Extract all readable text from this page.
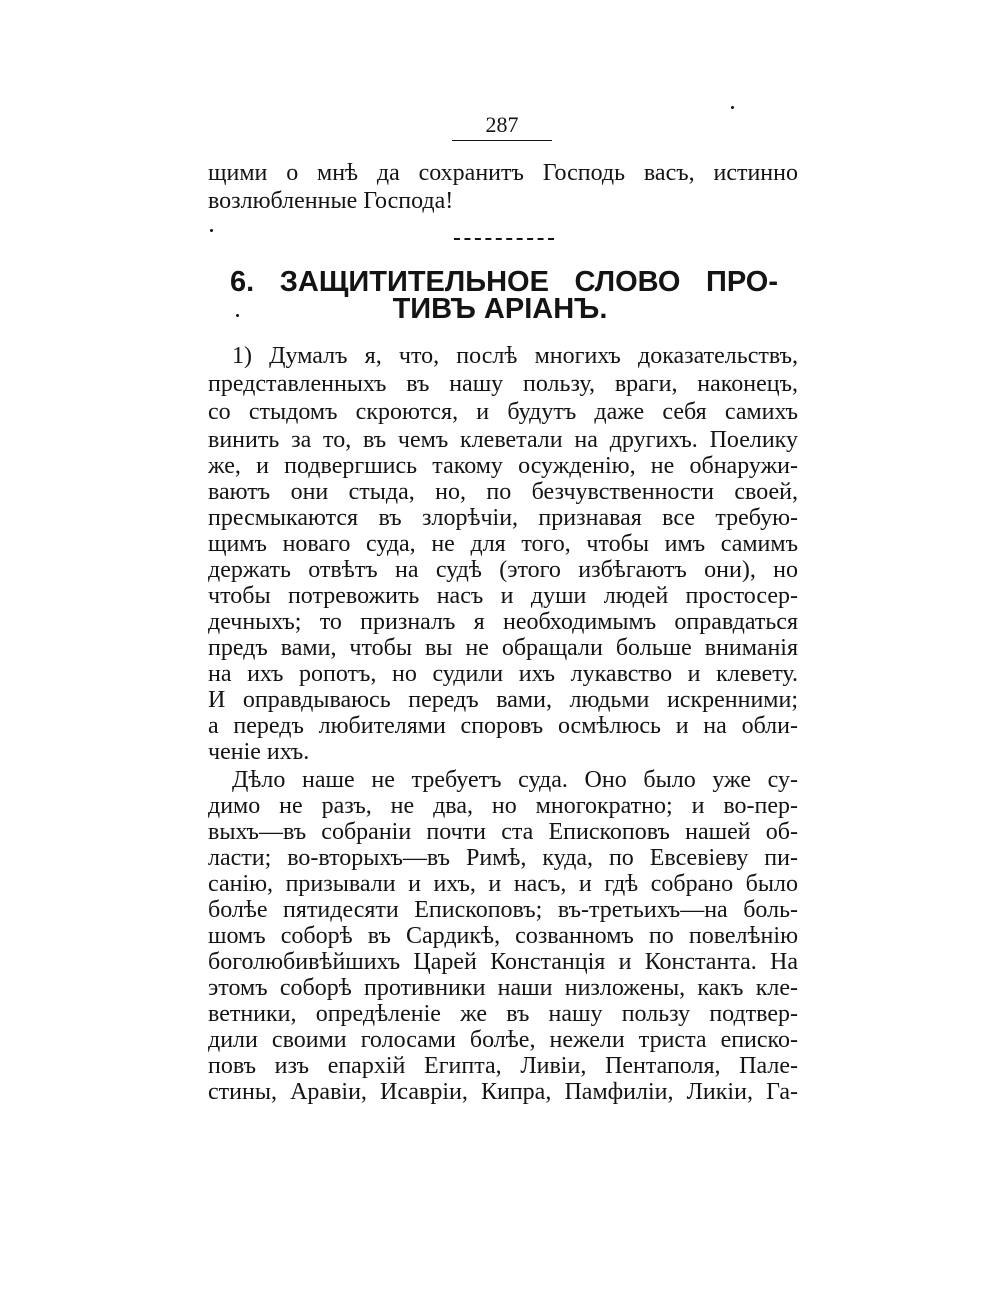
287

щими о мнѣ да сохранитъ Господь васъ, истинно

возлюбленные Господа!

6. ЗАЩИТИТЕЛЬНОЕ СЛОВО ПРО-

ТИВЪ АРІАНЪ.

1) Думалъ я, что, послѣ многихъ доказательствъ,

представленныхъ въ нашу пользу, враги, наконецъ,

со стыдомъ скроются, и будутъ даже себя самихъ

винить за то, въ чемъ клеветали на другихъ. Поелику

же, и подвергшись такому осужденію, не обнаружи-

ваютъ они стыда, но, по безчувственности своей,

пресмыкаются въ злорѣчіи, признавая все требую-

щимъ новаго суда, не для того, чтобы имъ самимъ

держать отвѣтъ на судѣ (этого избѣгаютъ они), но

чтобы потревожить насъ и души людей простосер-

дечныхъ; то призналъ я необходимымъ оправдаться

предъ вами, чтобы вы не обращали больше вниманія

на ихъ ропотъ, но судили ихъ лукавство и клевету.

И оправдываюсь передъ вами, людьми искренними;

а передъ любителями споровъ осмѣлюсь и на обли-

ченіе ихъ.

Дѣло наше не требуетъ суда. Оно было уже су-

димо не разъ, не два, но многократно; и во-пер-

выхъ—въ собраніи почти ста Епископовъ нашей об-

ласти; во-вторыхъ—въ Римѣ, куда, по Евсевіеву пи-

санію, призывали и ихъ, и насъ, и гдѣ собрано было

болѣе пятидесяти Епископовъ; въ-третьихъ—на боль-

шомъ соборѣ въ Сардикѣ, созванномъ по повелѣнію

боголюбивѣйшихъ Царей Констанція и Константа. На

этомъ соборѣ противники наши низложены, какъ кле-

ветники, опредѣленіе же въ нашу пользу подтвер-

дили своими голосами болѣе, нежели триста еписко-

повъ изъ епархій Египта, Ливіи, Пентаполя, Пале-

стины, Аравіи, Исавріи, Кипра, Памфиліи, Ликіи, Га-
